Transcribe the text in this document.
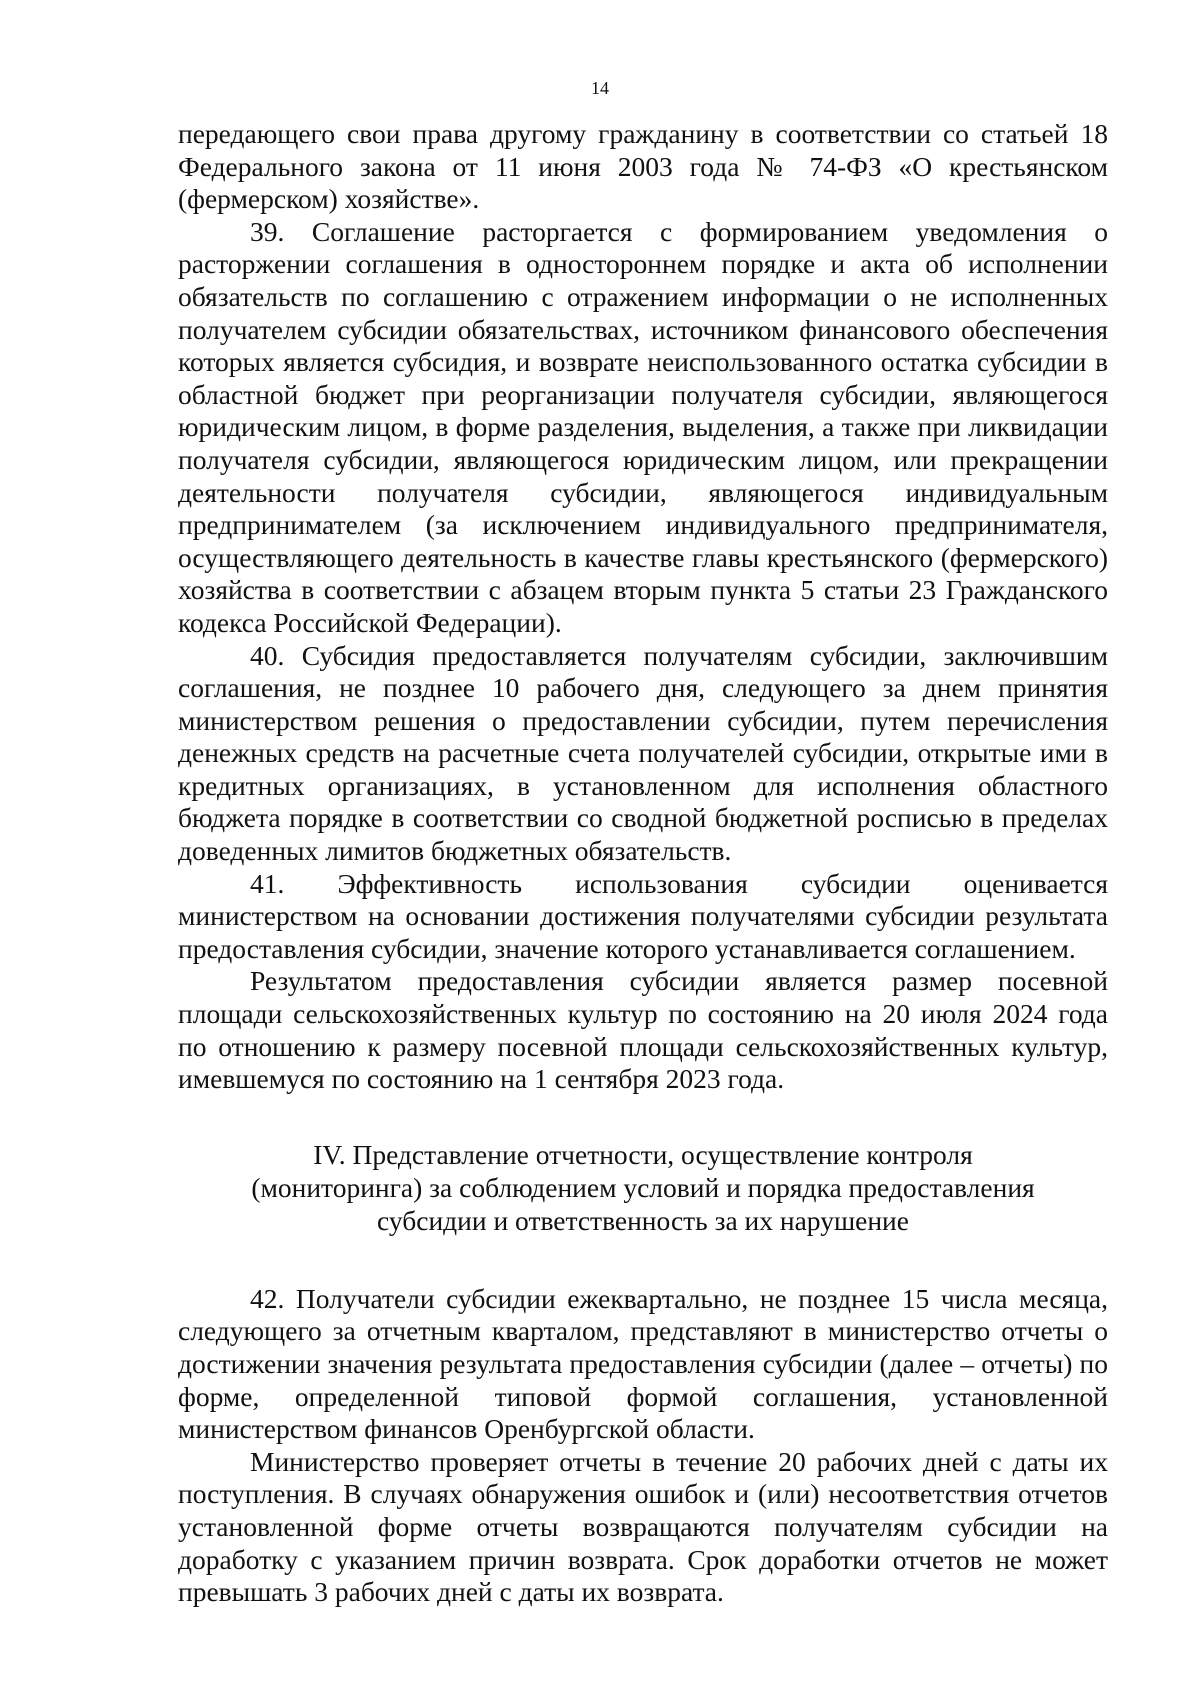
14

передающего свои права другому гражданину в соответствии со статьей 18 Федерального закона от 11 июня 2003 года № 74-ФЗ «О крестьянском (фермерском) хозяйстве».

39. Соглашение расторгается с формированием уведомления о расторжении соглашения в одностороннем порядке и акта об исполнении обязательств по соглашению с отражением информации о не исполненных получателем субсидии обязательствах, источником финансового обеспечения которых является субсидия, и возврате неиспользованного остатка субсидии в областной бюджет при реорганизации получателя субсидии, являющегося юридическим лицом, в форме разделения, выделения, а также при ликвидации получателя субсидии, являющегося юридическим лицом, или прекращении деятельности получателя субсидии, являющегося индивидуальным предпринимателем (за исключением индивидуального предпринимателя, осуществляющего деятельность в качестве главы крестьянского (фермерского) хозяйства в соответствии с абзацем вторым пункта 5 статьи 23 Гражданского кодекса Российской Федерации).

40. Субсидия предоставляется получателям субсидии, заключившим соглашения, не позднее 10 рабочего дня, следующего за днем принятия министерством решения о предоставлении субсидии, путем перечисления денежных средств на расчетные счета получателей субсидии, открытые ими в кредитных организациях, в установленном для исполнения областного бюджета порядке в соответствии со сводной бюджетной росписью в пределах доведенных лимитов бюджетных обязательств.

41. Эффективность использования субсидии оценивается министерством на основании достижения получателями субсидии результата предоставления субсидии, значение которого устанавливается соглашением.

Результатом предоставления субсидии является размер посевной площади сельскохозяйственных культур по состоянию на 20 июля 2024 года по отношению к размеру посевной площади сельскохозяйственных культур, имевшемуся по состоянию на 1 сентября 2023 года.

IV. Представление отчетности, осуществление контроля
(мониторинга) за соблюдением условий и порядка предоставления
субсидии и ответственность за их нарушение

42. Получатели субсидии ежеквартально, не позднее 15 числа месяца, следующего за отчетным кварталом, представляют в министерство отчеты о достижении значения результата предоставления субсидии (далее – отчеты) по форме, определенной типовой формой соглашения, установленной министерством финансов Оренбургской области.

Министерство проверяет отчеты в течение 20 рабочих дней с даты их поступления. В случаях обнаружения ошибок и (или) несоответствия отчетов установленной форме отчеты возвращаются получателям субсидии на доработку с указанием причин возврата. Срок доработки отчетов не может превышать 3 рабочих дней с даты их возврата.
